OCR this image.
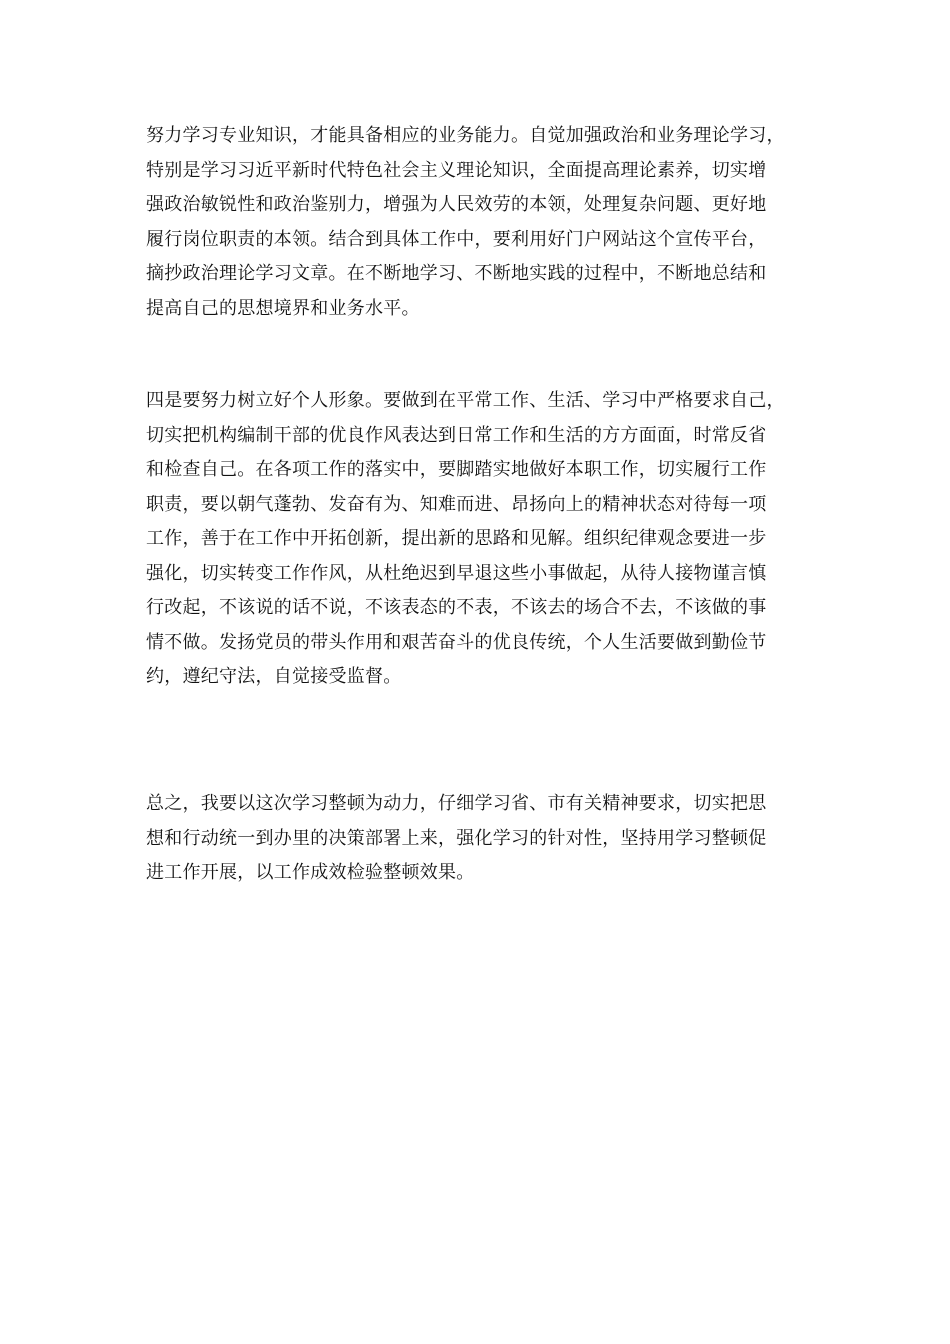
努力学习专业知识，才能具备相应的业务能力。自觉加强政治和业务理论学习，
特别是学习习近平新时代特色社会主义理论知识，全面提高理论素养，切实增
强政治敏锐性和政治鉴别力，增强为人民效劳的本领，处理复杂问题、更好地
履行岗位职责的本领。结合到具体工作中，要利用好门户网站这个宣传平台，
摘抄政治理论学习文章。在不断地学习、不断地实践的过程中，不断地总结和
提高自己的思想境界和业务水平。
四是要努力树立好个人形象。要做到在平常工作、生活、学习中严格要求自己，
切实把机构编制干部的优良作风表达到日常工作和生活的方方面面，时常反省
和检查自己。在各项工作的落实中，要脚踏实地做好本职工作，切实履行工作
职责，要以朝气蓬勃、发奋有为、知难而进、昂扬向上的精神状态对待每一项
工作，善于在工作中开拓创新，提出新的思路和见解。组织纪律观念要进一步
强化，切实转变工作作风，从杜绝迟到早退这些小事做起，从待人接物谨言慎
行改起，不该说的话不说，不该表态的不表，不该去的场合不去，不该做的事
情不做。发扬党员的带头作用和艰苦奋斗的优良传统，个人生活要做到勤俭节
约，遵纪守法，自觉接受监督。
总之，我要以这次学习整顿为动力，仔细学习省、市有关精神要求，切实把思
想和行动统一到办里的决策部署上来，强化学习的针对性，坚持用学习整顿促
进工作开展，以工作成效检验整顿效果。
